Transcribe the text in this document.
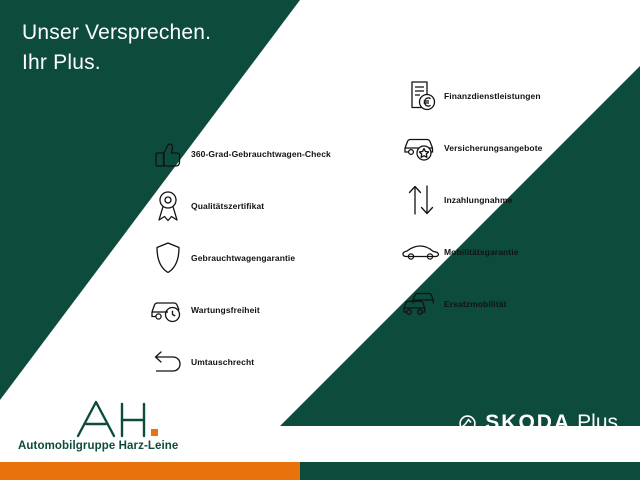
Unser Versprechen.
Ihr Plus.
360-Grad-Gebrauchtwagen-Check
Qualitätszertifikat
Gebrauchtwagengarantie
Wartungsfreiheit
Umtauschrecht
Finanzdienstleistungen
Versicherungsangebote
Inzahlungnahme
Mobilitätsgarantie
Ersatzmobilität
Automobilgruppe Harz-Leine
SKODA Plus
Zertifizierte Gebrauchtwagen
